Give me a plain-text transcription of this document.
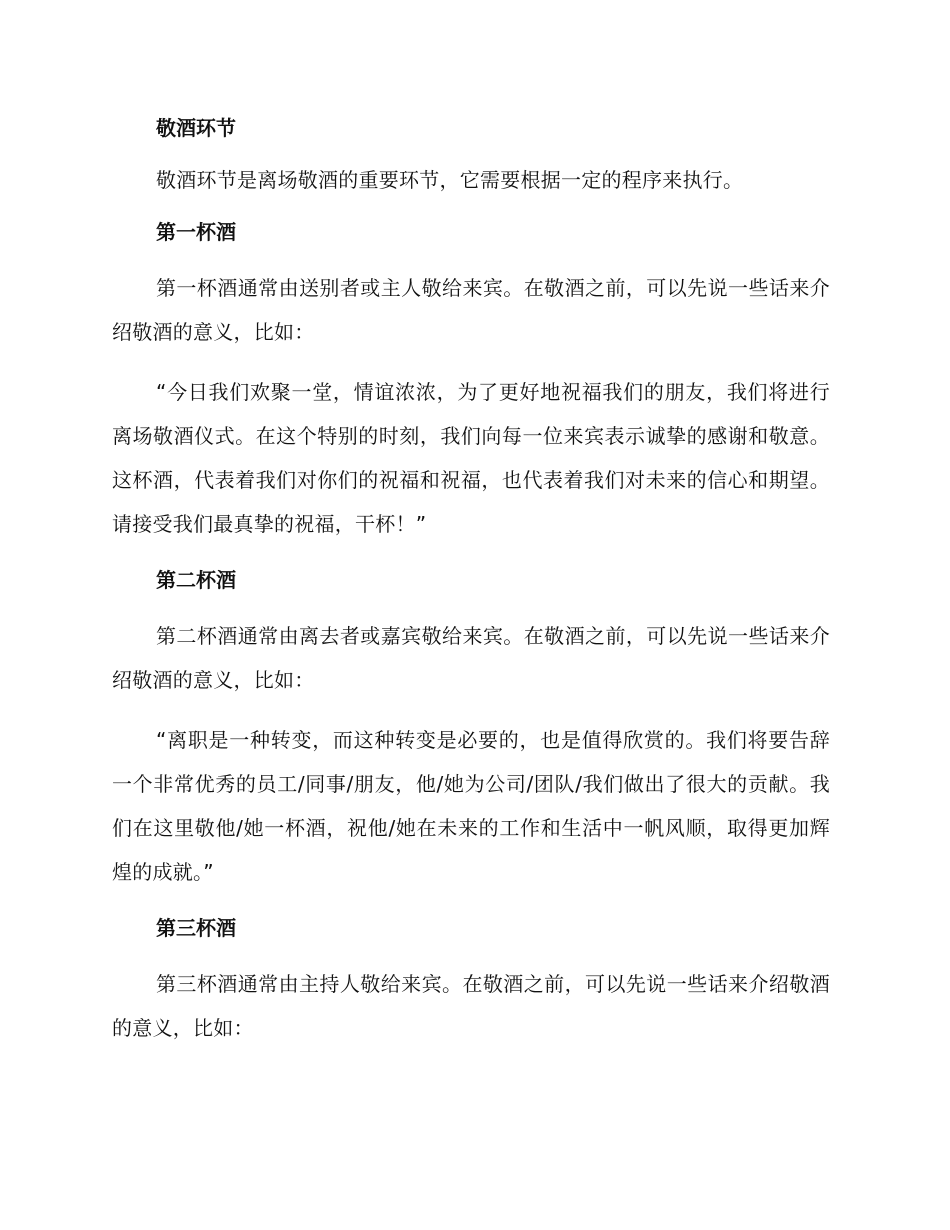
敬酒环节

敬酒环节是离场敬酒的重要环节，它需要根据一定的程序来执行。

第一杯酒

第一杯酒通常由送别者或主人敬给来宾。在敬酒之前，可以先说一些话来介绍敬酒的意义，比如：

“今日我们欢聚一堂，情谊浓浓，为了更好地祝福我们的朋友，我们将进行离场敬酒仪式。在这个特别的时刻，我们向每一位来宾表示诚挚的感谢和敬意。这杯酒，代表着我们对你们的祝福和祝福，也代表着我们对未来的信心和期望。请接受我们最真挚的祝福，干杯！”

第二杯酒

第二杯酒通常由离去者或嘉宾敬给来宾。在敬酒之前，可以先说一些话来介绍敬酒的意义，比如：

“离职是一种转变，而这种转变是必要的，也是值得欣赏的。我们将要告辞一个非常优秀的员工/同事/朋友，他/她为公司/团队/我们做出了很大的贡献。我们在这里敬他/她一杯酒，祝他/她在未来的工作和生活中一帆风顺，取得更加辉煌的成就。”

第三杯酒

第三杯酒通常由主持人敬给来宾。在敬酒之前，可以先说一些话来介绍敬酒的意义，比如：
